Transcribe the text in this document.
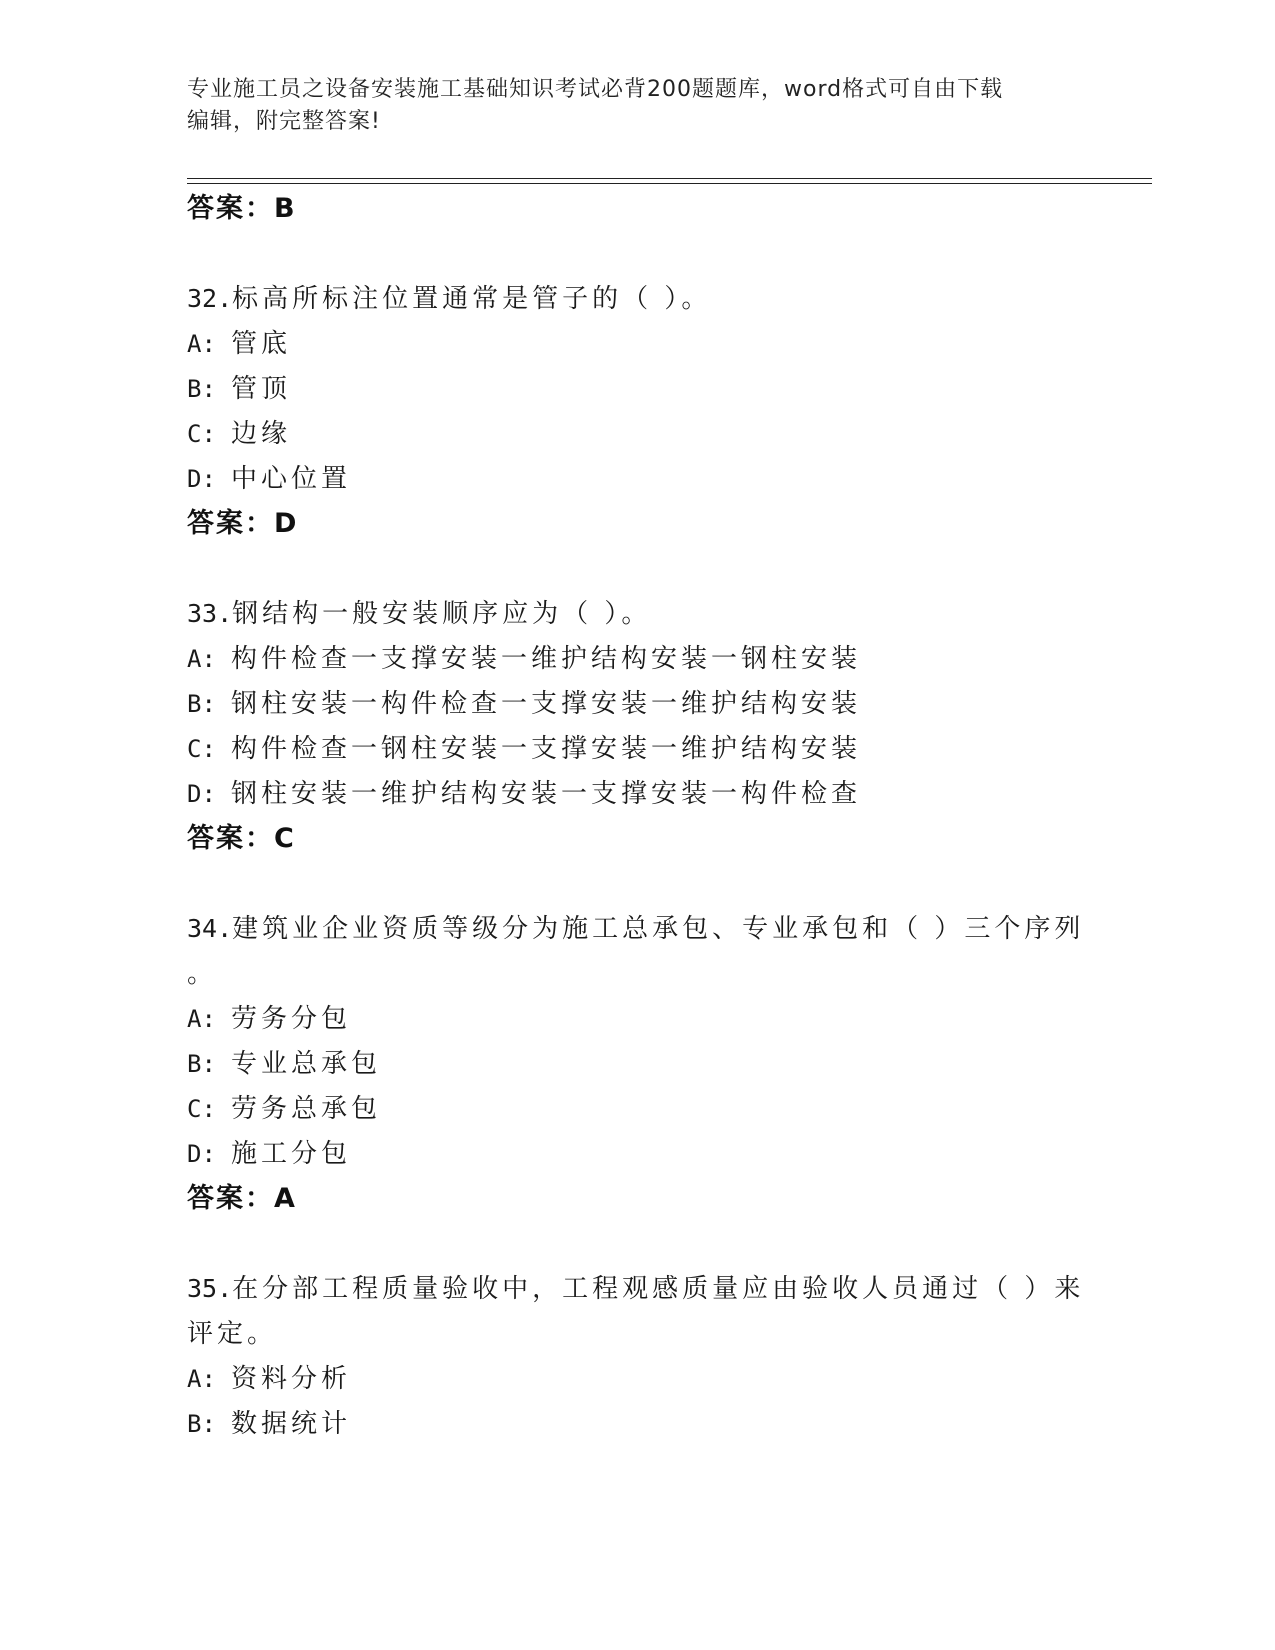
专业施工员之设备安装施工基础知识考试必背200题题库，word格式可自由下载
编辑，附完整答案!
答案：B
32.标高所标注位置通常是管子的（ ）。
A: 管底
B: 管顶
C: 边缘
D: 中心位置
答案：D
33.钢结构一般安装顺序应为（ ）。
A: 构件检查一支撑安装一维护结构安装一钢柱安装
B: 钢柱安装一构件检查一支撑安装一维护结构安装
C: 构件检查一钢柱安装一支撑安装一维护结构安装
D: 钢柱安装一维护结构安装一支撑安装一构件检查
答案：C
34.建筑业企业资质等级分为施工总承包、专业承包和（ ）三个序列
。
A: 劳务分包
B: 专业总承包
C: 劳务总承包
D: 施工分包
答案：A
35.在分部工程质量验收中，工程观感质量应由验收人员通过（ ）来
评定。
A: 资料分析
B: 数据统计
